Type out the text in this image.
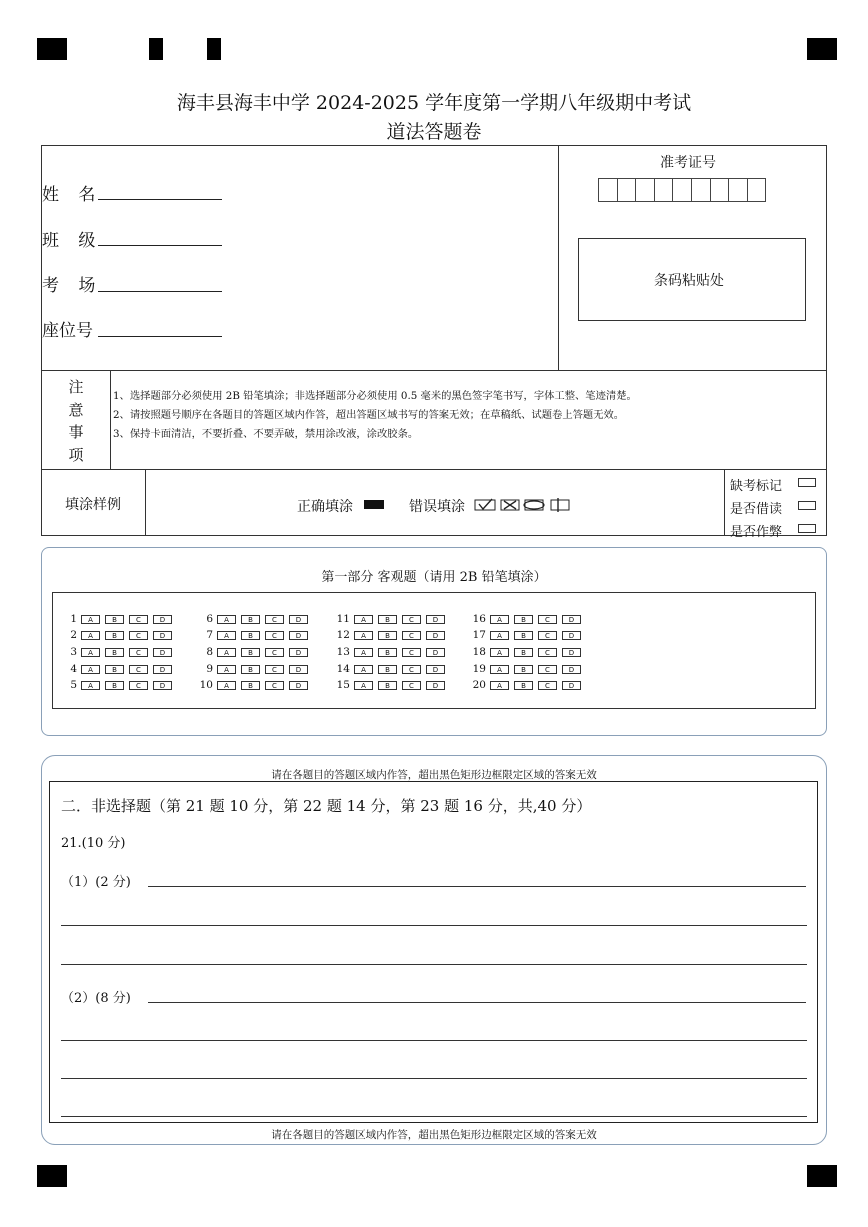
海丰县海丰中学 2024-2025 学年度第一学期八年级期中考试
道法答题卷
姓 名
班 级
考 场
座位号
准考证号
条码粘贴处
注
意
事
项
1、选择题部分必须使用 2B 铅笔填涂；非选择题部分必须使用 0.5 毫米的黑色签字笔书写，字体工整、笔迹清楚。
2、请按照题号顺序在各题目的答题区域内作答，超出答题区域书写的答案无效；在草稿纸、试题卷上答题无效。
3、保持卡面清洁，不要折叠、不要弄破，禁用涂改液，涂改胶条。
填涂样例	正确填涂	错误填涂
缺考标记
是否借读
是否作弊
第一部分 客观题（请用 2B 铅笔填涂）
1	A	B	C	D
2	A	B	C	D
3	A	B	C	D
4	A	B	C	D
5	A	B	C	D
6	A	B	C	D
7	A	B	C	D
8	A	B	C	D
9	A	B	C	D
10	A	B	C	D
11	A	B	C	D
12	A	B	C	D
13	A	B	C	D
14	A	B	C	D
15	A	B	C	D
16	A	B	C	D
17	A	B	C	D
18	A	B	C	D
19	A	B	C	D
20	A	B	C	D
请在各题目的答题区域内作答，超出黑色矩形边框限定区域的答案无效
二．非选择题（第 21 题 10 分，第 22 题 14 分，第 23 题 16 分，共,40 分）
21.(10 分)
（1）(2 分)
（2）(8 分)
请在各题目的答题区域内作答，超出黑色矩形边框限定区域的答案无效
